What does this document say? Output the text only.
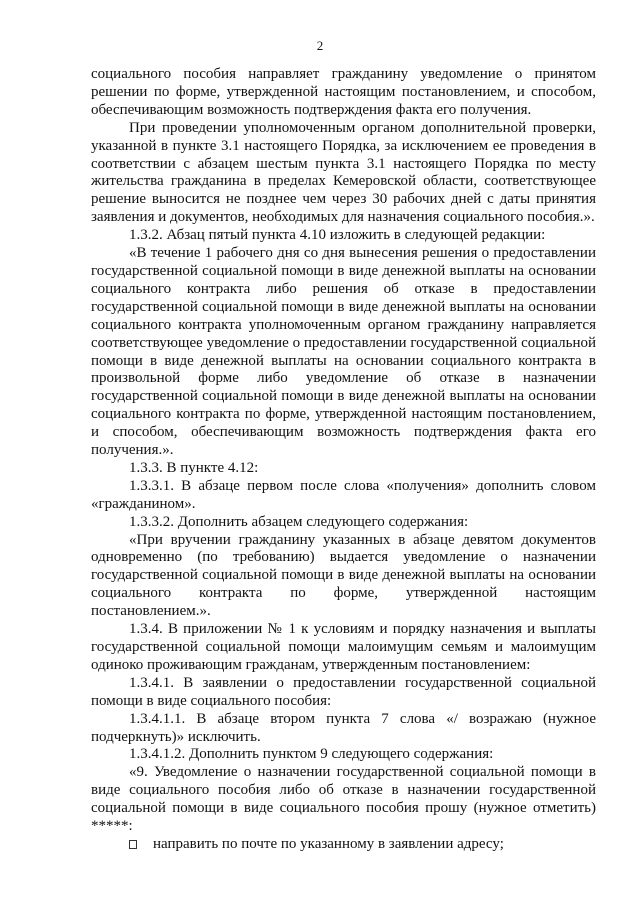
2

социального пособия направляет гражданину уведомление о принятом решении по форме, утвержденной настоящим постановлением, и способом, обеспечивающим возможность подтверждения факта его получения.

При проведении уполномоченным органом дополнительной проверки, указанной в пункте 3.1 настоящего Порядка, за исключением ее проведения в соответствии с абзацем шестым пункта 3.1 настоящего Порядка по месту жительства гражданина в пределах Кемеровской области, соответствующее решение выносится не позднее чем через 30 рабочих дней с даты принятия заявления и документов, необходимых для назначения социального пособия.».

1.3.2. Абзац пятый пункта 4.10 изложить в следующей редакции:

«В течение 1 рабочего дня со дня вынесения решения о предоставлении государственной социальной помощи в виде денежной выплаты на основании социального контракта либо решения об отказе в предоставлении государственной социальной помощи в виде денежной выплаты на основании социального контракта уполномоченным органом гражданину направляется соответствующее уведомление о предоставлении государственной социальной помощи в виде денежной выплаты на основании социального контракта в произвольной форме либо уведомление об отказе в назначении государственной социальной помощи в виде денежной выплаты на основании социального контракта по форме, утвержденной настоящим постановлением, и способом, обеспечивающим возможность подтверждения факта его получения.».

1.3.3. В пункте 4.12:

1.3.3.1. В абзаце первом после слова «получения» дополнить словом «гражданином».

1.3.3.2. Дополнить абзацем следующего содержания:

«При вручении гражданину указанных в абзаце девятом документов одновременно (по требованию) выдается уведомление о назначении государственной социальной помощи в виде денежной выплаты на основании социального контракта по форме, утвержденной настоящим постановлением.».

1.3.4. В приложении № 1 к условиям и порядку назначения и выплаты государственной социальной помощи малоимущим семьям и малоимущим одиноко проживающим гражданам, утвержденным постановлением:

1.3.4.1. В заявлении о предоставлении государственной социальной помощи в виде социального пособия:

1.3.4.1.1. В абзаце втором пункта 7 слова «/ возражаю (нужное подчеркнуть)» исключить.

1.3.4.1.2. Дополнить пунктом 9 следующего содержания:

«9. Уведомление о назначении государственной социальной помощи в виде социального пособия либо об отказе в назначении государственной социальной помощи в виде социального пособия прошу (нужное отметить) *****:

направить по почте по указанному в заявлении адресу;
